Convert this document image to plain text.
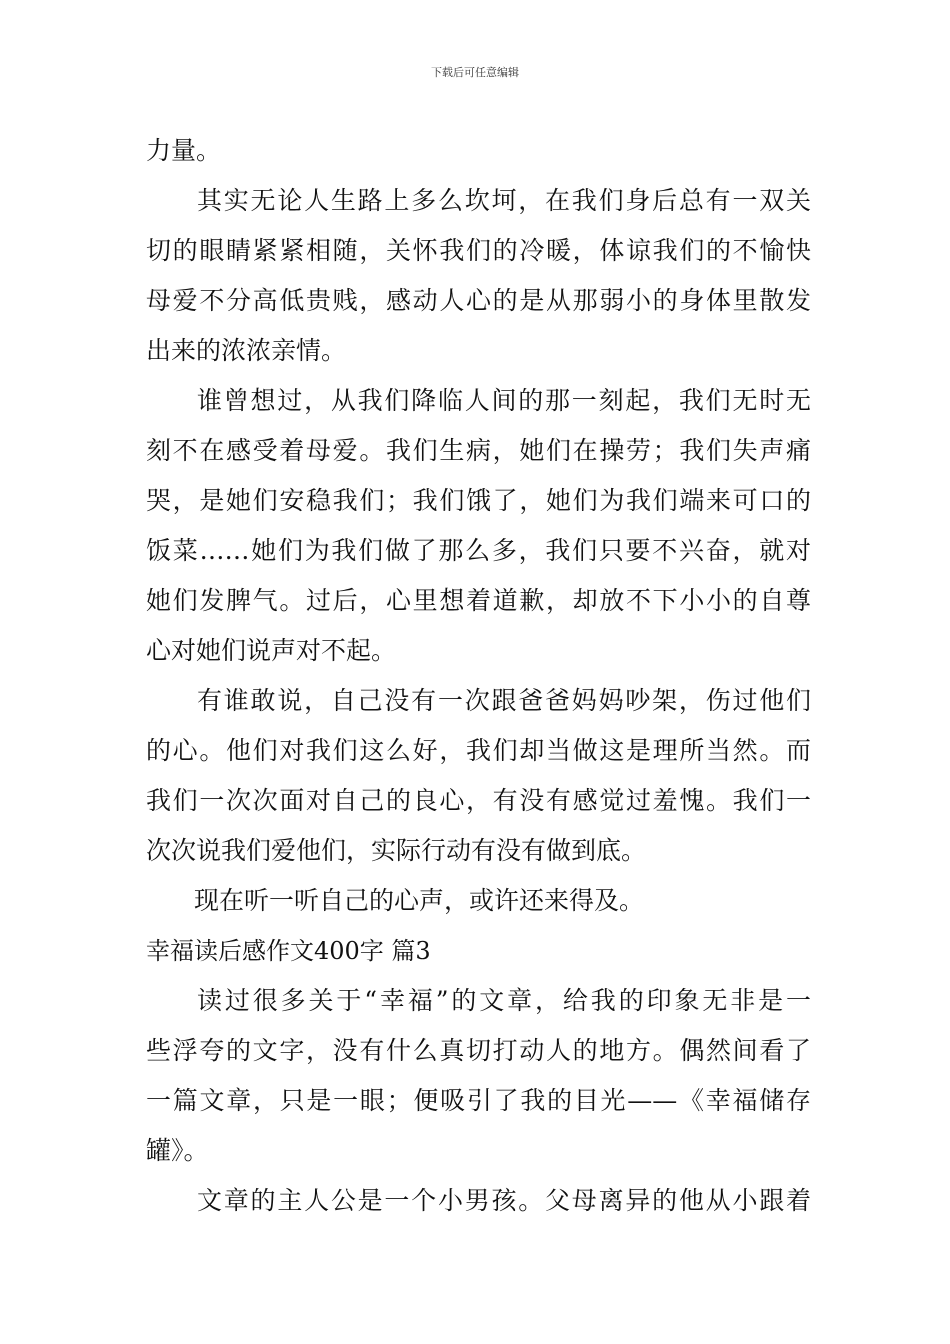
下载后可任意编辑
力量。
其实无论人生路上多么坎坷，在我们身后总有一双关
切的眼睛紧紧相随，关怀我们的冷暖，体谅我们的不愉快
母爱不分高低贵贱，感动人心的是从那弱小的身体里散发
出来的浓浓亲情。
谁曾想过，从我们降临人间的那一刻起，我们无时无
刻不在感受着母爱。我们生病，她们在操劳；我们失声痛
哭，是她们安稳我们；我们饿了，她们为我们端来可口的
饭菜……她们为我们做了那么多，我们只要不兴奋，就对
她们发脾气。过后，心里想着道歉，却放不下小小的自尊
心对她们说声对不起。
有谁敢说，自己没有一次跟爸爸妈妈吵架，伤过他们
的心。他们对我们这么好，我们却当做这是理所当然。而
我们一次次面对自己的良心，有没有感觉过羞愧。我们一
次次说我们爱他们，实际行动有没有做到底。
现在听一听自己的心声，或许还来得及。
幸福读后感作文400字 篇3
读过很多关于“幸福”的文章，给我的印象无非是一
些浮夸的文字，没有什么真切打动人的地方。偶然间看了
一篇文章，只是一眼；便吸引了我的目光——《幸福储存
罐》。
文章的主人公是一个小男孩。父母离异的他从小跟着
